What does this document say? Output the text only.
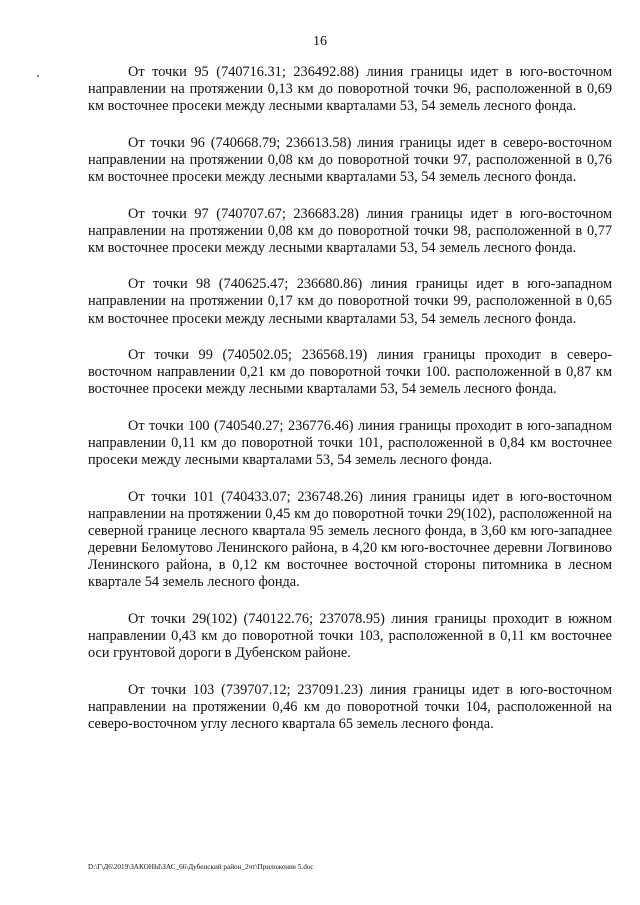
16

От точки 95 (740716.31; 236492.88) линия границы идет в юго-восточном направлении на протяжении 0,13 км до поворотной точки 96, расположенной в 0,69 км восточнее просеки между лесными кварталами 53, 54 земель лесного фонда.

От точки 96 (740668.79; 236613.58) линия границы идет в северо-восточном направлении на протяжении 0,08 км до поворотной точки 97, расположенной в 0,76 км восточнее просеки между лесными кварталами 53, 54 земель лесного фонда.

От точки 97 (740707.67; 236683.28) линия границы идет в юго-восточном направлении на протяжении 0,08 км до поворотной точки 98, расположенной в 0,77 км восточнее просеки между лесными кварталами 53, 54 земель лесного фонда.

От точки 98 (740625.47; 236680.86) линия границы идет в юго-западном направлении на протяжении 0,17 км до поворотной точки 99, расположенной в 0,65 км восточнее просеки между лесными кварталами 53, 54 земель лесного фонда.

От точки 99 (740502.05; 236568.19) линия границы проходит в северо-восточном направлении 0,21 км до поворотной точки 100. расположенной в 0,87 км восточнее просеки между лесными кварталами 53, 54 земель лесного фонда.

От точки 100 (740540.27; 236776.46) линия границы проходит в юго-западном направлении 0,11 км до поворотной точки 101, расположенной в 0,84 км восточнее просеки между лесными кварталами 53, 54 земель лесного фонда.

От точки 101 (740433.07; 236748.26) линия границы идет в юго-восточном направлении на протяжении 0,45 км до поворотной точки 29(102), расположенной на северной границе лесного квартала 95 земель лесного фонда, в 3,60 км юго-западнее деревни Беломутово Ленинского района, в 4,20 км юго-восточнее деревни Логвиново Ленинского района, в 0,12 км восточнее восточной стороны питомника в лесном квартале 54 земель лесного фонда.

От точки 29(102) (740122.76; 237078.95) линия границы проходит в южном направлении 0,43 км до поворотной точки 103, расположенной в 0,11 км восточнее оси грунтовой дороги в Дубенском районе.

От точки 103 (739707.12; 237091.23) линия границы идет в юго-восточном направлении на протяжении 0,46 км до поворотной точки 104, расположенной на северо-восточном углу лесного квартала 65 земель лесного фонда.

D:\Г\Д6\2019\ЗАКОНЫ\ЗАС_66\Дубенский район_2чт\Приложение 5.doc
